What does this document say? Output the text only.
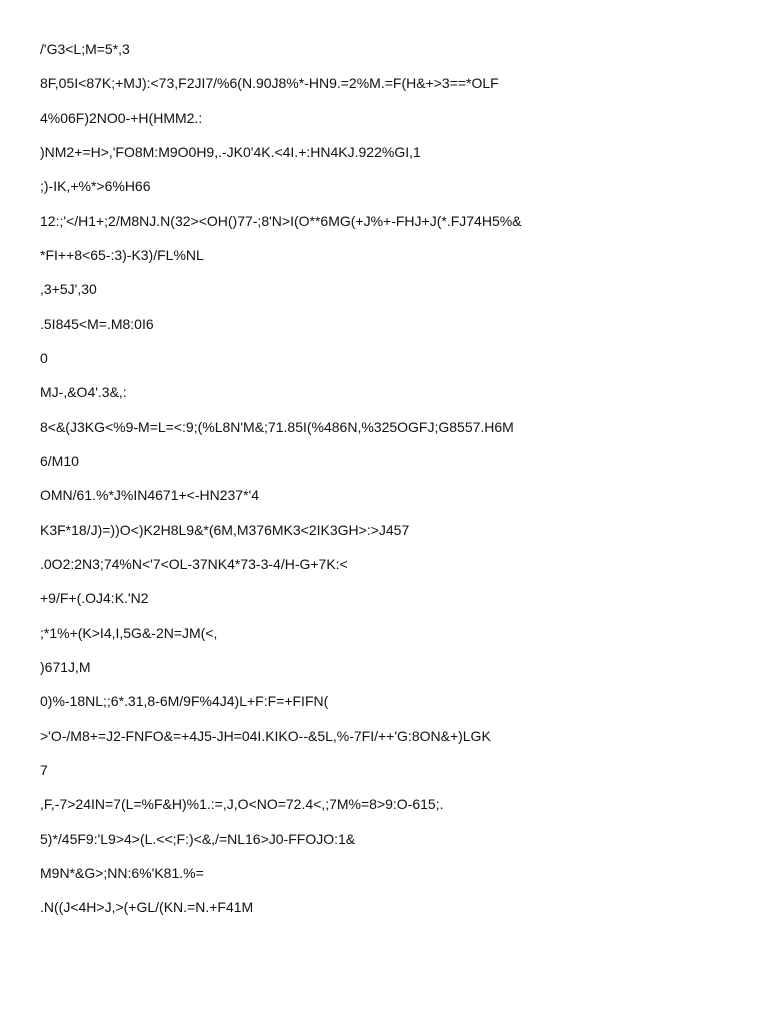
/'G3<L;M=5*,3
8F,05I<87K;+MJ):<73,F2JI7/%6(N.90J8%*-HN9.=2%M.=F(H&+>3==*OLF
4%06F)2NO0-+H(HMM2.:
)NM2+=H>,'FO8M:M9O0H9,.-JK0'4K.<4I.+:HN4KJ.922%GI,1
;)-IK,+%*>6%H66
12:;'</H1+;2/M8NJ.N(32><OH()77-;8'N>I(O**6MG(+J%+-FHJ+J(*.FJ74H5%&
*FI++8<65-:3)-K3)/FL%NL
,3+5J',30
.5I845<M=.M8:0I6
0
MJ-,&O4'.3&,:
8<&(J3KG<%9-M=L=<:9;(%L8N'M&;71.85I(%486N,%325OGFJ;G8557.H6M
6/M10
OMN/61.%*J%IN4671+<-HN237*'4
K3F*18/J)=))O<)K2H8L9&*(6M,M376MK3<2IK3GH>:>J457
.0O2:2N3;74%N<'7<OL-37NK4*73-3-4/H-G+7K:<
+9/F+(.OJ4:K.'N2
;*1%+(K>I4,I,5G&-2N=JM(<,
)671J,M
0)%-18NL;;6*.31,8-6M/9F%4J4)L+F:F=+FIFN(
>'O-/M8+=J2-FNFO&=+4J5-JH=04I.KIKO--&5L,%-7FI/++'G:8ON&+)LGK
7
,F,-7>24IN=7(L=%F&H)%1.:=,J,O<NO=72.4<,;7M%=8>9:O-615;.
5)*/45F9:'L9>4>(L.<<;F:)<&,/=NL16>J0-FFOJO:1&
M9N*&G>;NN:6%'K81.%=
.N((J<4H>J,>(+GL/(KN.=N.+F41M
